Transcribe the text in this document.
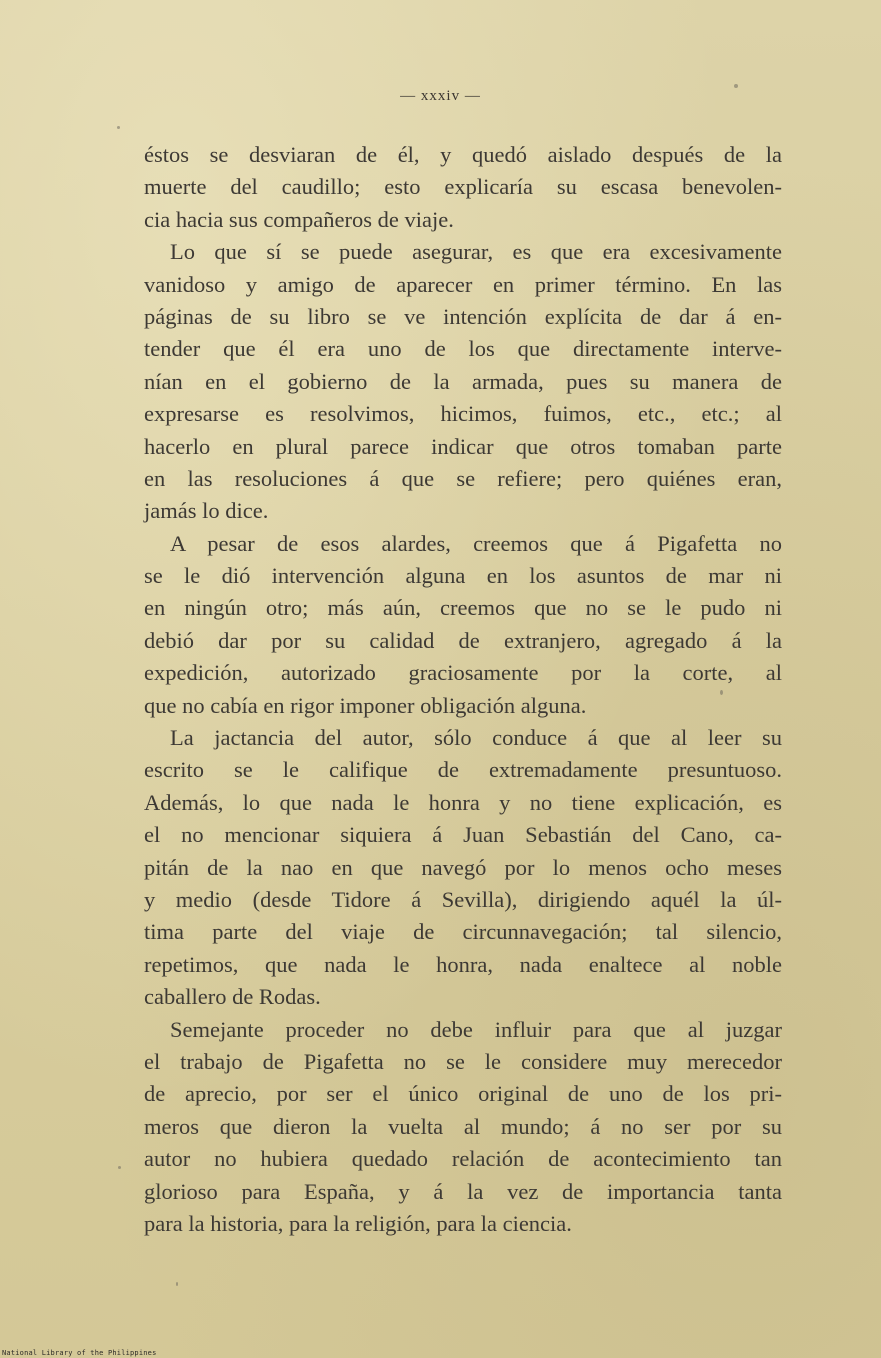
— xxxiv —
éstos se desviaran de él, y quedó aislado después de la
muerte del caudillo; esto explicaría su escasa benevolen-
cia hacia sus compañeros de viaje.
Lo que sí se puede asegurar, es que era excesivamente
vanidoso y amigo de aparecer en primer término. En las
páginas de su libro se ve intención explícita de dar á en-
tender que él era uno de los que directamente interve-
nían en el gobierno de la armada, pues su manera de
expresarse es resolvimos, hicimos, fuimos, etc., etc.; al
hacerlo en plural parece indicar que otros tomaban parte
en las resoluciones á que se refiere; pero quiénes eran,
jamás lo dice.
A pesar de esos alardes, creemos que á Pigafetta no
se le dió intervención alguna en los asuntos de mar ni
en ningún otro; más aún, creemos que no se le pudo ni
debió dar por su calidad de extranjero, agregado á la
expedición, autorizado graciosamente por la corte, al
que no cabía en rigor imponer obligación alguna.
La jactancia del autor, sólo conduce á que al leer su
escrito se le califique de extremadamente presuntuoso.
Además, lo que nada le honra y no tiene explicación, es
el no mencionar siquiera á Juan Sebastián del Cano, ca-
pitán de la nao en que navegó por lo menos ocho meses
y medio (desde Tidore á Sevilla), dirigiendo aquél la úl-
tima parte del viaje de circunnavegación; tal silencio,
repetimos, que nada le honra, nada enaltece al noble
caballero de Rodas.
Semejante proceder no debe influir para que al juzgar
el trabajo de Pigafetta no se le considere muy merecedor
de aprecio, por ser el único original de uno de los pri-
meros que dieron la vuelta al mundo; á no ser por su
autor no hubiera quedado relación de acontecimiento tan
glorioso para España, y á la vez de importancia tanta
para la historia, para la religión, para la ciencia.
National Library of the Philippines
